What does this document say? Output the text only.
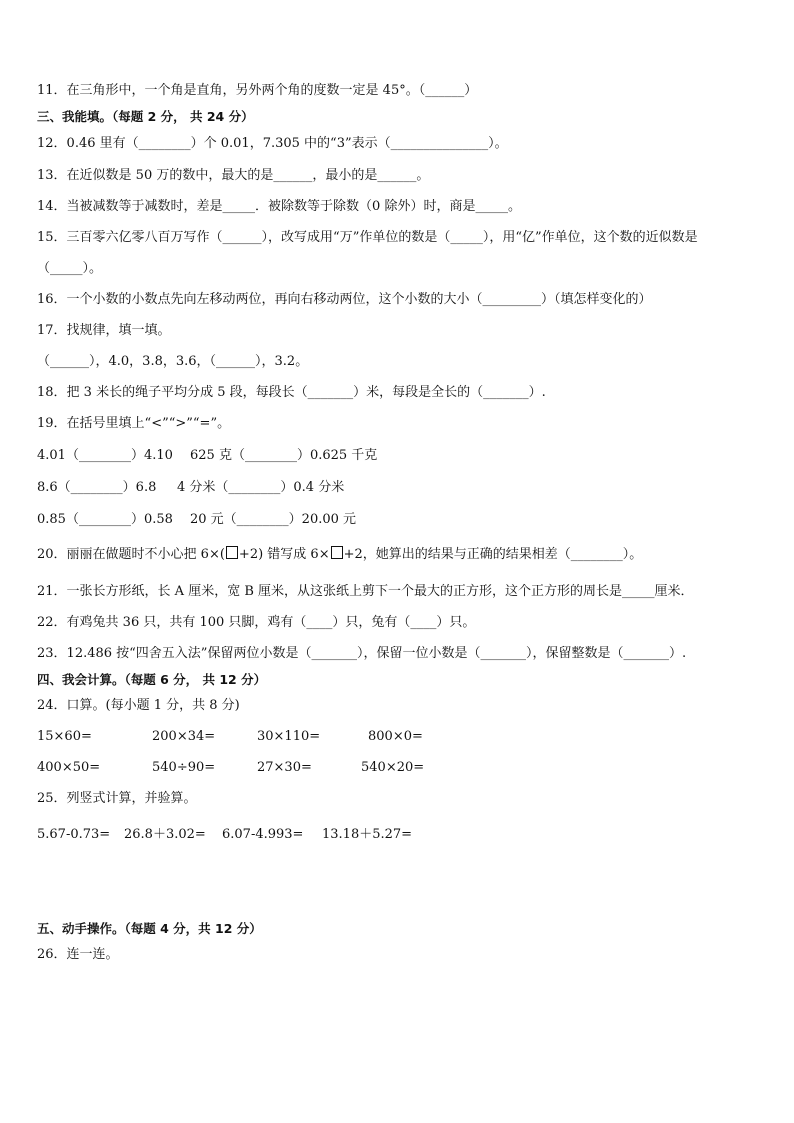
11．在三角形中，一个角是直角，另外两个角的度数一定是 45°。（______）
三、我能填。（每题 2 分， 共 24 分）
12．0.46 里有（________）个 0.01，7.305 中的“3”表示（_______________）。
13．在近似数是 50 万的数中，最大的是______，最小的是______。
14．当被减数等于减数时，差是_____．被除数等于除数（0 除外）时，商是_____。
15．三百零六亿零八百万写作（______），改写成用“万”作单位的数是（_____），用“亿”作单位，这个数的近似数是
（_____）。
16．一个小数的小数点先向左移动两位，再向右移动两位，这个小数的大小（_________）（填怎样变化的）
17．找规律，填一填。
（______），4.0，3.8，3.6，（______），3.2。
18．把 3 米长的绳子平均分成 5 段，每段长（_______）米，每段是全长的（_______）.
19．在括号里填上“<”“>”“=”。
4.01（________）4.10 625 克（________）0.625 千克
8.6（________）6.8 4 分米（________）0.4 分米
0.85（________）0.58 20 元（________）20.00 元
20．丽丽在做题时不小心把 6×( +2) 错写成 6× +2，她算出的结果与正确的结果相差（________）。
21．一张长方形纸，长 A 厘米，宽 B 厘米，从这张纸上剪下一个最大的正方形，这个正方形的周长是_____厘米．
22．有鸡兔共 36 只，共有 100 只脚，鸡有（____）只，兔有（____）只。
23．12.486 按“四舍五入法”保留两位小数是（_______），保留一位小数是（_______），保留整数是（_______）.
四、我会计算。（每题 6 分， 共 12 分）
24．口算。(每小题 1 分，共 8 分)
15×60=	200×34=	30×110=	800×0=
400×50=	540÷90=	27×30=	540×20=
25．列竖式计算，并验算。
5.67-0.73= 26.8＋3.02= 6.07-4.993= 13.18＋5.27=
五、动手操作。（每题 4 分，共 12 分）
26．连一连。
